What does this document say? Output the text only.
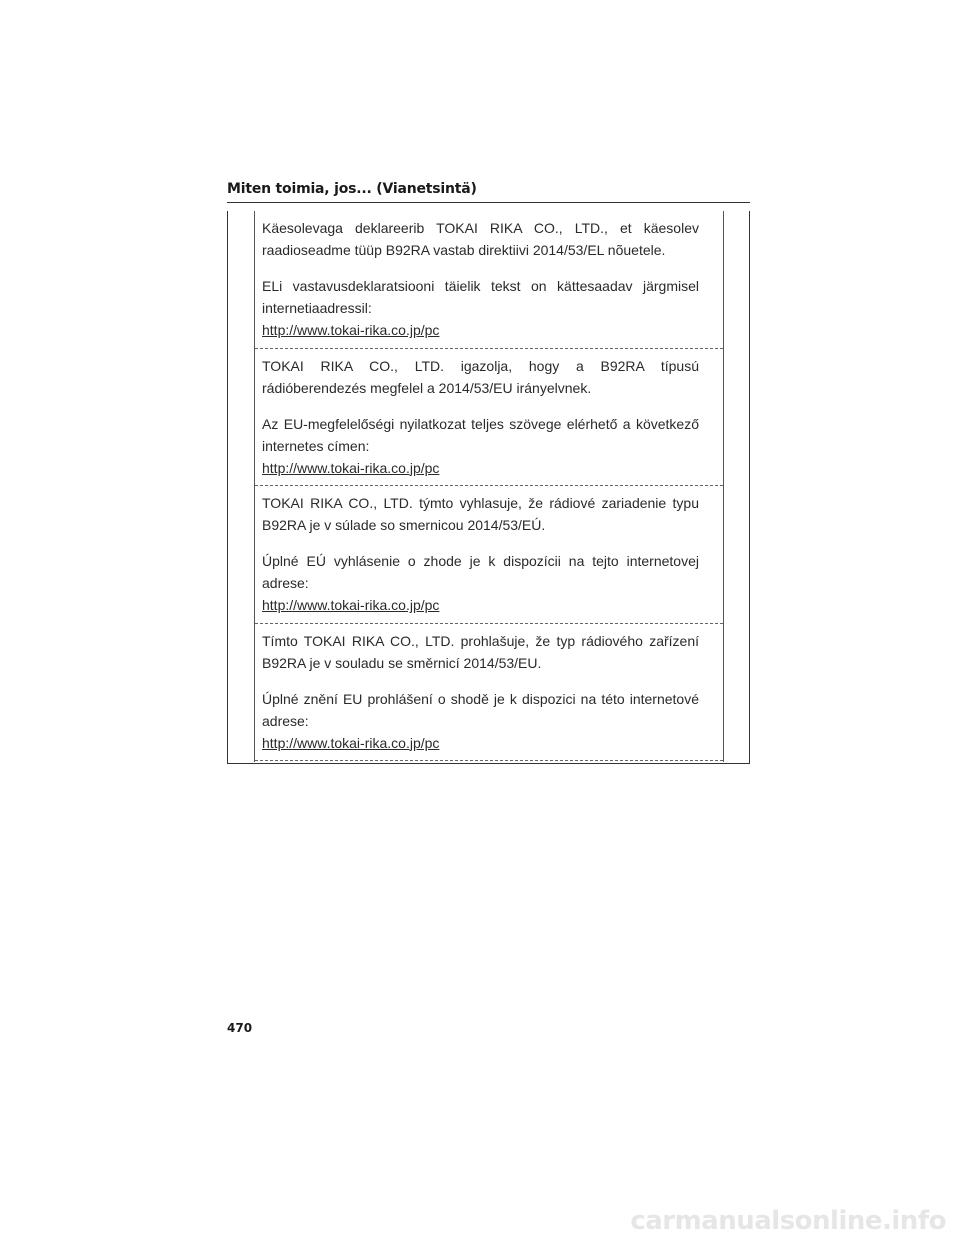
Miten toimia, jos... (Vianetsintä)

Käesolevaga deklareerib TOKAI RIKA CO., LTD., et käesolev raadioseadme tüüp B92RA vastab direktiivi 2014/53/EL nõuetele.

ELi vastavusdeklaratsiooni täielik tekst on kättesaadav järgmisel internetiaadressil:

http://www.tokai-rika.co.jp/pc

TOKAI RIKA CO., LTD. igazolja, hogy a B92RA típusú rádióberendezés megfelel a 2014/53/EU irányelvnek.

Az EU-megfelelőségi nyilatkozat teljes szövege elérhető a következő internetes címen:

http://www.tokai-rika.co.jp/pc

TOKAI RIKA CO., LTD. týmto vyhlasuje, že rádiové zariadenie typu B92RA je v súlade so smernicou 2014/53/EÚ.

Úplné EÚ vyhlásenie o zhode je k dispozícii na tejto internetovej adrese:

http://www.tokai-rika.co.jp/pc

Tímto TOKAI RIKA CO., LTD. prohlašuje, že typ rádiového zařízení B92RA je v souladu se směrnicí 2014/53/EU.

Úplné znění EU prohlášení o shodě je k dispozici na této internetové adrese:

http://www.tokai-rika.co.jp/pc
470
carmanualsonline.info
